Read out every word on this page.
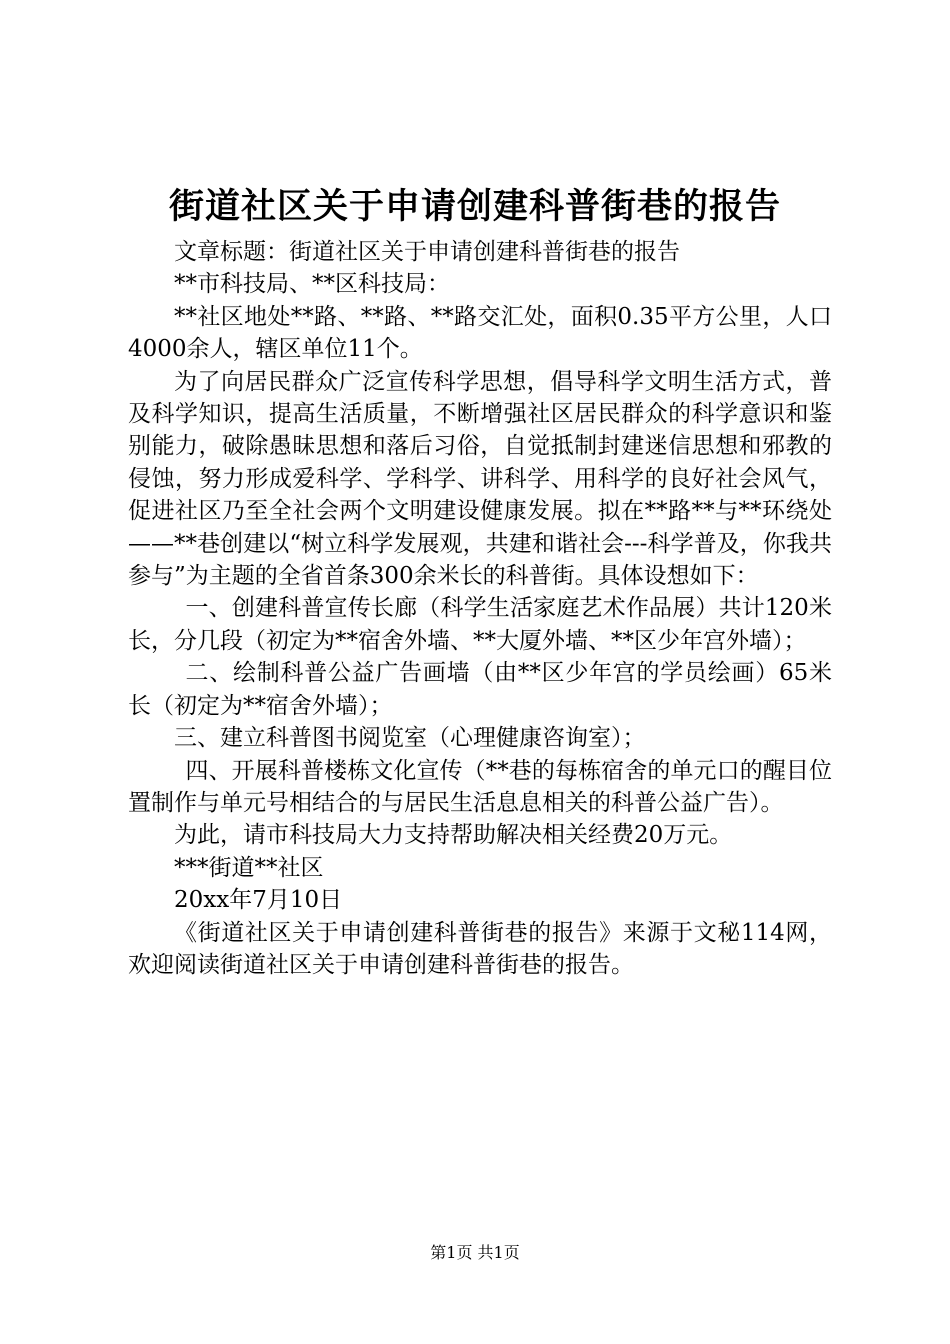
街道社区关于申请创建科普街巷的报告

文章标题：街道社区关于申请创建科普街巷的报告

**市科技局、**区科技局：

**社区地处**路、**路、**路交汇处，面积0.35平方公里，人口4000余人，辖区单位11个。

为了向居民群众广泛宣传科学思想，倡导科学文明生活方式，普及科学知识，提高生活质量，不断增强社区居民群众的科学意识和鉴别能力，破除愚昧思想和落后习俗，自觉抵制封建迷信思想和邪教的侵蚀，努力形成爱科学、学科学、讲科学、用科学的良好社会风气，促进社区乃至全社会两个文明建设健康发展。拟在**路**与**环绕处——**巷创建以“树立科学发展观，共建和谐社会---科学普及，你我共参与”为主题的全省首条300余米长的科普街。具体设想如下：

一、创建科普宣传长廊（科学生活家庭艺术作品展）共计120米长，分几段（初定为**宿舍外墙、**大厦外墙、**区少年宫外墙）；

二、绘制科普公益广告画墙（由**区少年宫的学员绘画）65米长（初定为**宿舍外墙）；

三、建立科普图书阅览室（心理健康咨询室）；

四、开展科普楼栋文化宣传（**巷的每栋宿舍的单元口的醒目位置制作与单元号相结合的与居民生活息息相关的科普公益广告）。

为此，请市科技局大力支持帮助解决相关经费20万元。

***街道**社区

20xx年7月10日

《街道社区关于申请创建科普街巷的报告》来源于文秘114网，欢迎阅读街道社区关于申请创建科普街巷的报告。

第1页 共1页
